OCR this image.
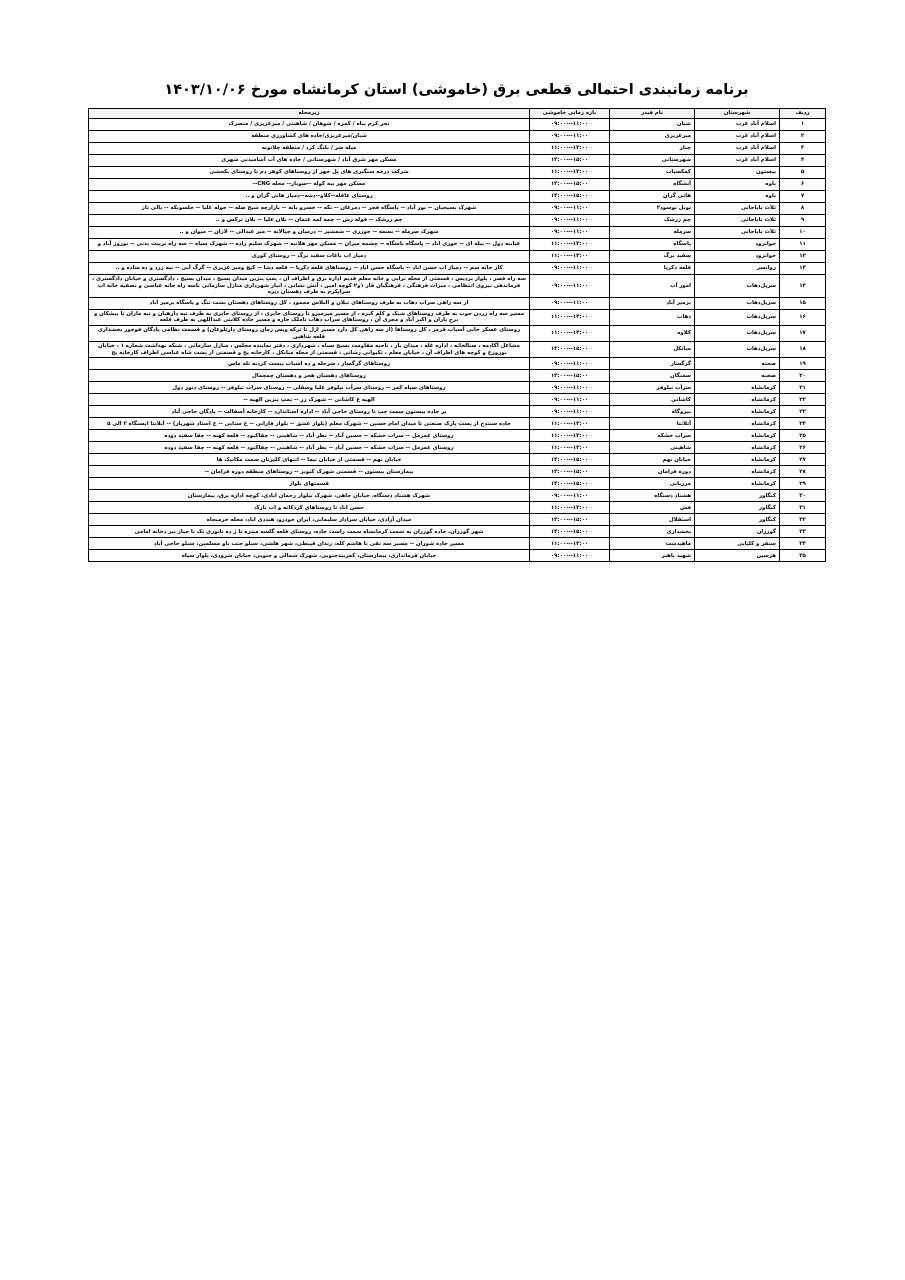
برنامه زمانبندی احتمالی قطعی برق (خاموشی) استان کرمانشاه مورخ ۱۴۰۳/۱۰/۰۶
ردیف	شهرستان	نام فیدر	بازه زمانی خاموشی	زیرمحله
۱	اسلام آباد غرب	شبان	۰۹:۰۰---۱۱:۰۰	نجر کرم بناه / کمره / شوهان / شاهینی / میرعزیزی / منصرک
۲	اسلام آباد غرب	میرعزیزی	۰۹:۰۰---۱۱:۰۰	شبان/میرعزیزی/جاده های کشاورزی منطقه
۳	اسلام آباد غرب	چنار	۱۱:۰۰---۱۳:۰۰	میله سر / بلنگ کرد / منطقه چلاتونه
۴	اسلام آباد غرب	شهرستانی	۱۳:۰۰---۱۵:۰۰	مسکن مهر شرق آباد / شهرستانی / جاده های آب آشامیدنی شهری
۵	بیستون	کمکسیاب	۱۱:۰۰---۱۳:۰۰	شرکت درجه سنگبری های پل جهر از روستاهای کوهر دم تا روستای بکحشی
۶	باوه	آتشگاه	۱۳:۰۰---۱۵:۰۰	مسکن مهر نیه کوله --سوبار-- محله CNG--
۷	باوه	هانی گران	۱۳:۰۰---۱۵:۰۰	روستای عاقله--کلاو--دشه--دمیاز هانی گران و ..
۸	ثلاث باباجانی	تونل نوسود۲	۰۹:۰۰---۱۱:۰۰	شهرک بسیجیان -- نور آباد -- پاسگاه فجر -- دمرغان -- تکه -- خسرو بانه -- بازارچه شیخ صله -- حوله علیا -- جلسونکه -- بالی تاز
۹	ثلاث باباجانی	چم زرشک	۰۹:۰۰---۱۱:۰۰	چم زرشک -- قوله رش -- چمه لمه عثمان -- بلان علیا -- بلان ترکس و ..
۱۰	ثلاث باباجانی	سرمله	۰۹:۰۰---۱۱:۰۰	شهرک سرمله -- نسمه -- جوززی -- شمشیر -- درمیان و چیالانه -- میر عبدالی -- لازان -- میوان و ..
۱۱	جوانرود	پاسگاه	۱۱:۰۰---۱۳:۰۰	عبابنه دول -- بیله ای -- حوری اباد -- پاسگاه باسگاه -- چشمه میران -- مسکن مهر هلانیه -- شهرک سلیم زاده -- شهرک سیاه -- سه راه تربیت بدنی -- نوروز آباد و
۱۲	جوانرود	سفید برگ	۱۱:۰۰---۱۳:۰۰	دمیاز اب باغات سفید برگ -- روستای کوری
۱۳	روانسر	قلعه ذکریا	۰۹:۰۰---۱۱:۰۰	کار خانه سم -- دمیاز اب حسن اباد -- پاسگاه حسن اباد -- روستاهای قلعه ذکریا -- قلعه دشا -- کیچ ومیر عزیزی -- گرگ آبی -- نیه زرد و ده ساده و ..
۱۴	سرپل‌ذهاب	امور آب	۰۹:۰۰---۱۱:۰۰	سه راه قصر ، بلوار بردیس ، قسمتی از محله ترابی و خانه معلم قدیم اداره برق و اطراف آن ، پمپ بنزین میدان بسیج ، میدان بسیج ، دادگستری و خیابان دادگستری ، فرماندهی نیروی انتظامی ، میراث فرهنگی ، فرهنگیان فاز ۱و۲ کوچه امین ، آتش نشانی ، انبار شهرداری منازل سازمانی ناسه راه خانه عباسی و تصفیه خانه اب سراپکرم به طرف دهستان دیره
۱۵	سرپل‌ذهاب	بزمیر آباد	۰۹:۰۰---۱۱:۰۰	از سه راهی سراب ذهاب به طرف روستاهای تیلان و البلاس محمود ، کل روستاهای دهستان بشت تنگ و پاسگاه بزمیر آباد
۱۶	سرپل‌ذهاب	ذهاب	۱۱:۰۰---۱۳:۰۰	مسیر سه راه زردن جوب به طرف روستاهای شبک و کلم کبره ، از مسیر میرمیرو تا روستای جابری ، از روستای جابری به طرف نیه دارهیان و نیه ماران تا بیشکان و برج یاران و اکبر آباد و مجری آن ، روستاهای سراب ذهاب تاملک حاره و مسیر جاده کلانتی عبداللهی به طرف قلعه
۱۷	سرپل‌ذهاب	کلاوه	۱۱:۰۰---۱۳:۰۰	روستای عسکر خانی آسیاب قرمز ، کل روستاها (از سه راهی کل دارد مسیر اژل تا ترکه ویس زمان روستای دارتلوعان) و قسمت نظامی یادگان فوجور پخشداری قلعه شاهین
۱۸	سرپل‌ذهاب	مبانکل	۱۳:۰۰---۱۵:۰۰	مشاغل آکادمه ، صنالخانه ، اداره غله ، میدان بار ، ناحیه مقاومت بسیج سپاه ، شهرداری ، دفتر نماینده مجلس ، منازل سازمانی ، شبکه بهداشت شماره ۱ ، خیابان نوروزخ و کوچه های اطراف آن ، خیابان معلم ، تکیوابی رشانی ، قسمتی از محله مبانکل ، کارخانه یخ و قسمتی از پشت شاه عباسی اطراف کارخانه یخ
۱۹	صحنه	گرگسار	۰۹:۰۰---۱۱:۰۰	روستاهای گرگسار ، سرحله و ده اسباب بیست کردنه تله ماس
۲۰	صحنه	سمنگان	۱۳:۰۰---۱۵:۰۰	روستاهای دهستان هجر و دهستان چمچمال
۲۱	کرمانشاه	سرآب نیلوفر	۰۹:۰۰---۱۱:۰۰	روستاهای سیاه کمر -- روستای سرآب نیلوفر علیا وسفلی -- روستای سراب نیلوفر -- روستای دنور دول
۲۲	کرمانشاه	کاشانی	۰۹:۰۰---۱۱:۰۰	الهیه ع کاشانی -- شهرک رز -- پمپ بنزین الهیه --
۲۳	کرمانشاه	نیروگاه	۰۹:۰۰---۱۱:۰۰	بر جاده بیستون سمت چپ تا روستای حاجی آباد -- اداره استاندارد -- کارخانه آسفالت -- پادگان حاجی آباد
۲۴	کرمانشاه	آتلانتا	۱۱:۰۰---۱۳:۰۰	جاده سنندج از پست پارک صنعتی تا میدان امام حسین -- شهرک معلم (بلوار عشق -- بلوار فارابی -- خ سنایی -- خ استاد شهریار) -- آتلانتا ایستگاه ۲ الی ۵
۲۵	کرمانشاه	سراب خشکه	۱۱:۰۰---۱۳:۰۰	روستای عمرمل -- سراب خشکه -- حسین آباد -- نظر آباد -- شاهینی -- چقاکبود -- قلعه کهنه -- چقا سفید دوده
۲۶	کرمانشاه	شاهینی	۱۱:۰۰---۱۳:۰۰	روستای عمرمل -- سراب خشکه -- حسین آباد -- نظر آباد -- شاهینی -- چقاکبود -- قلعه کهنه -- چقا سفید دوده
۲۷	کرمانشاه	خیابان نهم	۱۳:۰۰---۱۵:۰۰	خیابان نهم -- قسمتی از خیابان نیما -- انتهای کلیزتان سمت مکانیک ها
۲۸	کرمانشاه	دوره فرامان	۱۳:۰۰---۱۵:۰۰	بیمارستان بیستون -- قسمتی شهرک کیوبز -- روستاهای منطقه دوره فرامان --
۲۹	کرمانشاه	مرزبانی	۱۳:۰۰---۱۵:۰۰	قسمتهای بلوار
۳۰	کنگاور	هشتاد دستگاه	۰۹:۰۰---۱۱:۰۰	شهرک هشتاد دستگاه، خیابان جاهی، شهرک بیلوار رحمان ایادی، کوچه اداره برق، بیمارستان
۳۱	کنگاور	فش	۱۱:۰۰---۱۳:۰۰	حسن اباد تا روستاهای کرذکانه و اب بارک
۳۲	کنگاور	استقلال	۱۳:۰۰---۱۵:۰۰	میدان آزادی، خیابان سرادار سلیمانی، ایران خودرو، هنددی اباد، محله خرمنجاه
۳۳	گوزران	پخشداری	۱۳:۰۰---۱۵:۰۰	شهر گوزران، جاده گوزران به سمت کرمانشاه سمت راست جاده، روستای قلعه گلسه منتره تا ژ ده تانوری تک تا جیاز بیر دخانه امامی
۳۴	سنقر و کلیایی	ماهیدشت	۱۱:۰۰---۱۳:۰۰	مسیر جاده شوران -- مسیر سه تقی تا هاشم کله، زندان قیبطی، شهر هلشی، سیلو جنب ناو مسلمین، سیلو حاجی آباد
۳۵	هرسین	شهید باهنر	۰۹:۰۰---۱۱:۰۰	خیابان فرمانداری، بیمارستان، کمربندجنوبی، شهرک شمالی و جنوبی، خیابان شرودی، بلوار سپاه
